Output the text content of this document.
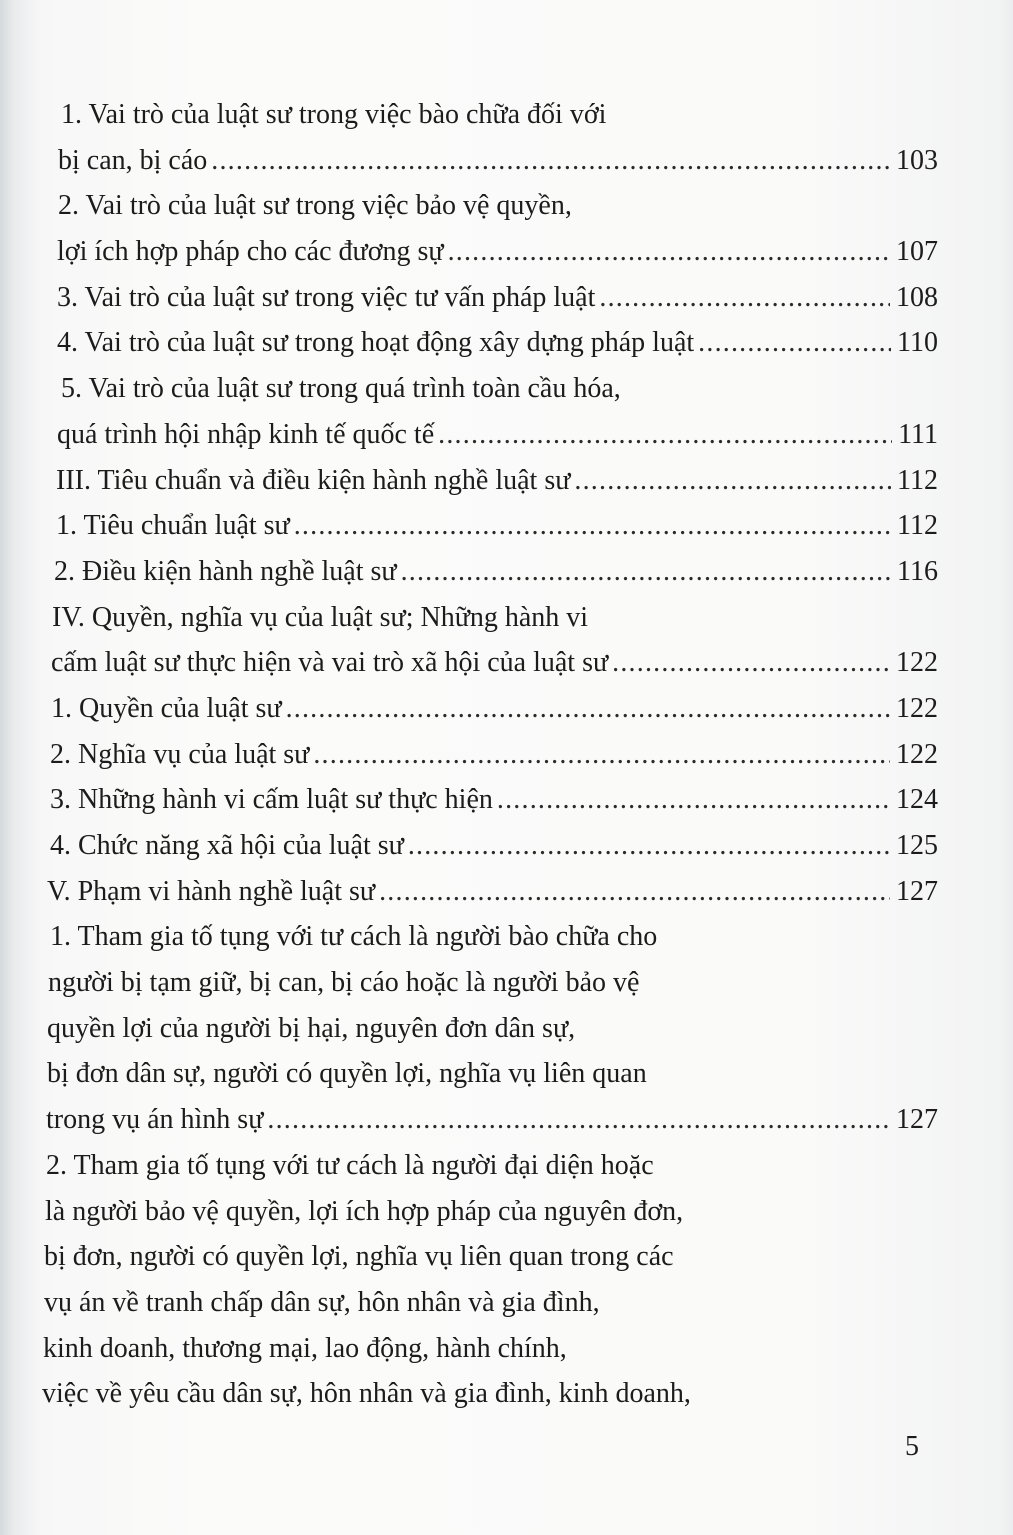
1. Vai trò của luật sư trong việc bào chữa đối với
bị can, bị cáo .....	103
2. Vai trò của luật sư trong việc bảo vệ quyền,
lợi ích hợp pháp cho các đương sự .....	107
3. Vai trò của luật sư trong việc tư vấn pháp luật .....	108
4. Vai trò của luật sư trong hoạt động xây dựng pháp luật .....	110
5. Vai trò của luật sư trong quá trình toàn cầu hóa,
quá trình hội nhập kinh tế quốc tế .....	111
III. Tiêu chuẩn và điều kiện hành nghề luật sư .....	112
1. Tiêu chuẩn luật sư .....	112
2. Điều kiện hành nghề luật sư .....	116
IV. Quyền, nghĩa vụ của luật sư; Những hành vi
cấm luật sư thực hiện và vai trò xã hội của luật sư .....	122
1. Quyền của luật sư .....	122
2. Nghĩa vụ của luật sư .....	122
3. Những hành vi cấm luật sư thực hiện .....	124
4. Chức năng xã hội của luật sư .....	125
V. Phạm vi hành nghề luật sư .....	127
1. Tham gia tố tụng với tư cách là người bào chữa cho
người bị tạm giữ, bị can, bị cáo hoặc là người bảo vệ
quyền lợi của người bị hại, nguyên đơn dân sự,
bị đơn dân sự, người có quyền lợi, nghĩa vụ liên quan
trong vụ án hình sự .....	127
2. Tham gia tố tụng với tư cách là người đại diện hoặc
là người bảo vệ quyền, lợi ích hợp pháp của nguyên đơn,
bị đơn, người có quyền lợi, nghĩa vụ liên quan trong các
vụ án về tranh chấp dân sự, hôn nhân và gia đình,
kinh doanh, thương mại, lao động, hành chính,
việc về yêu cầu dân sự, hôn nhân và gia đình, kinh doanh,
5
